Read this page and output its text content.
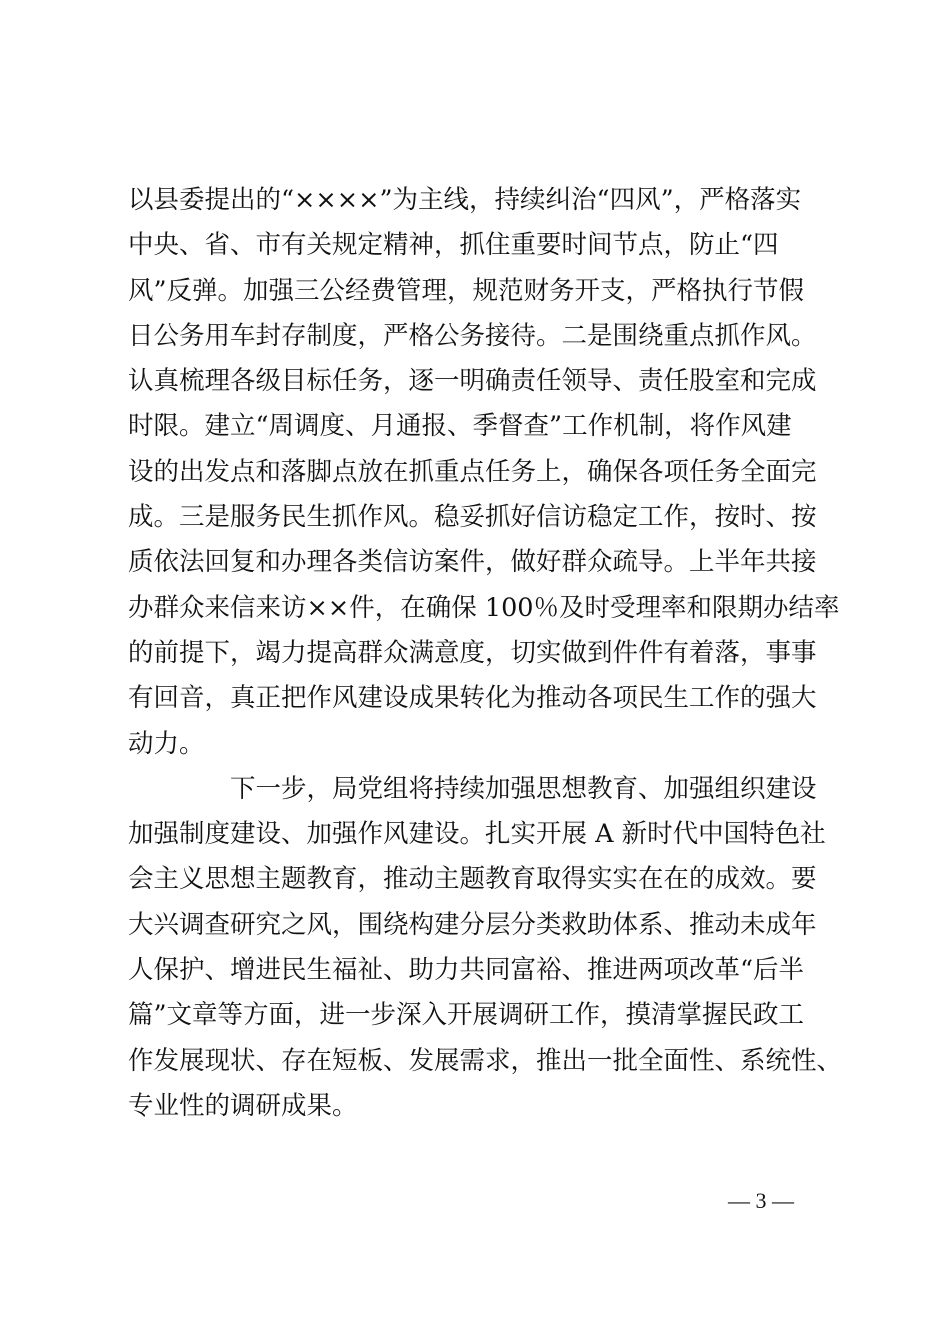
以县委提出的“××××”为主线，持续纠治“四风”，严格落实
中央、省、市有关规定精神，抓住重要时间节点，防止“四
风”反弹。加强三公经费管理，规范财务开支，严格执行节假
日公务用车封存制度，严格公务接待。二是围绕重点抓作风。
认真梳理各级目标任务，逐一明确责任领导、责任股室和完成
时限。建立“周调度、月通报、季督查”工作机制，将作风建
设的出发点和落脚点放在抓重点任务上，确保各项任务全面完
成。三是服务民生抓作风。稳妥抓好信访稳定工作，按时、按
质依法回复和办理各类信访案件，做好群众疏导。上半年共接
办群众来信来访××件，在确保 100％及时受理率和限期办结率
的前提下，竭力提高群众满意度，切实做到件件有着落，事事
有回音，真正把作风建设成果转化为推动各项民生工作的强大
动力。
下一步，局党组将持续加强思想教育、加强组织建设
加强制度建设、加强作风建设。扎实开展 A 新时代中国特色社
会主义思想主题教育，推动主题教育取得实实在在的成效。要
大兴调查研究之风，围绕构建分层分类救助体系、推动未成年
人保护、增进民生福祉、助力共同富裕、推进两项改革“后半
篇”文章等方面，进一步深入开展调研工作，摸清掌握民政工
作发展现状、存在短板、发展需求，推出一批全面性、系统性、
专业性的调研成果。
— 3 —
